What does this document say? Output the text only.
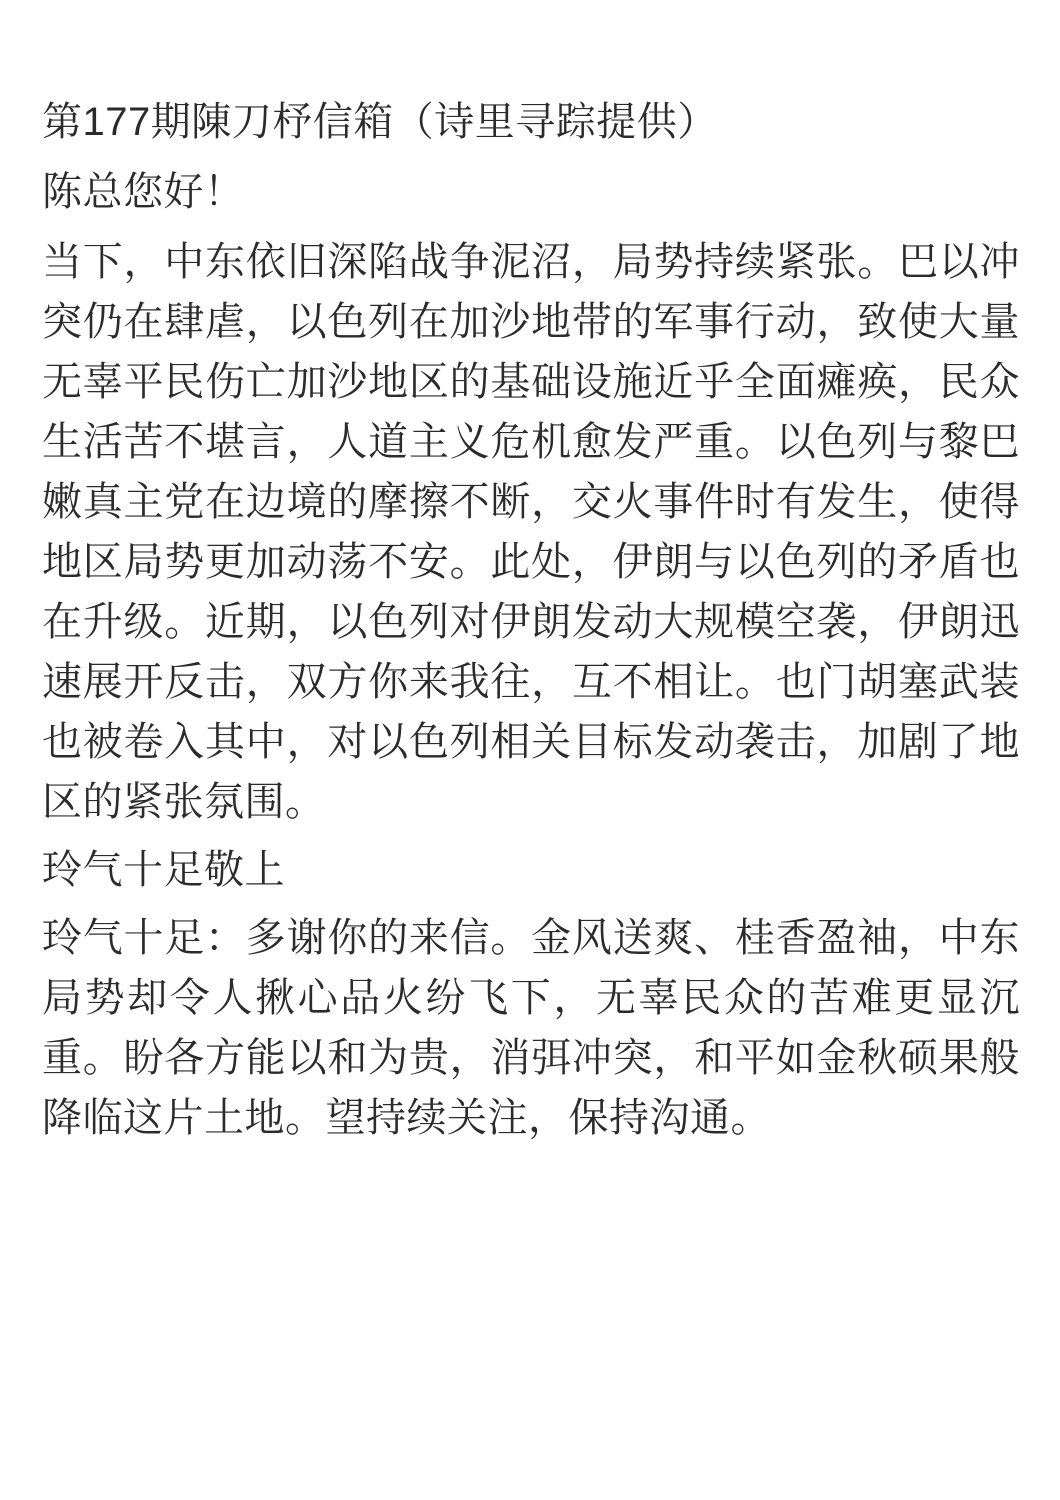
第177期陳刀杼信箱（诗里寻踪提供）

陈总您好！

当下，中东依旧深陷战争泥沼，局势持续紧张。巴以冲突仍在肆虐，以色列在加沙地带的军事行动，致使大量无辜平民伤亡加沙地区的基础设施近乎全面瘫痪，民众生活苦不堪言，人道主义危机愈发严重。以色列与黎巴嫩真主党在边境的摩擦不断，交火事件时有发生，使得地区局势更加动荡不安。此处，伊朗与以色列的矛盾也在升级。近期，以色列对伊朗发动大规模空袭，伊朗迅速展开反击，双方你来我往，互不相让。也门胡塞武装也被卷入其中，对以色列相关目标发动袭击，加剧了地区的紧张氛围。

玲气十足敬上

玲气十足：多谢你的来信。金风送爽、桂香盈袖，中东局势却令人揪心品火纷飞下，无辜民众的苦难更显沉重。盼各方能以和为贵，消弭冲突，和平如金秋硕果般降临这片土地。望持续关注，保持沟通。
